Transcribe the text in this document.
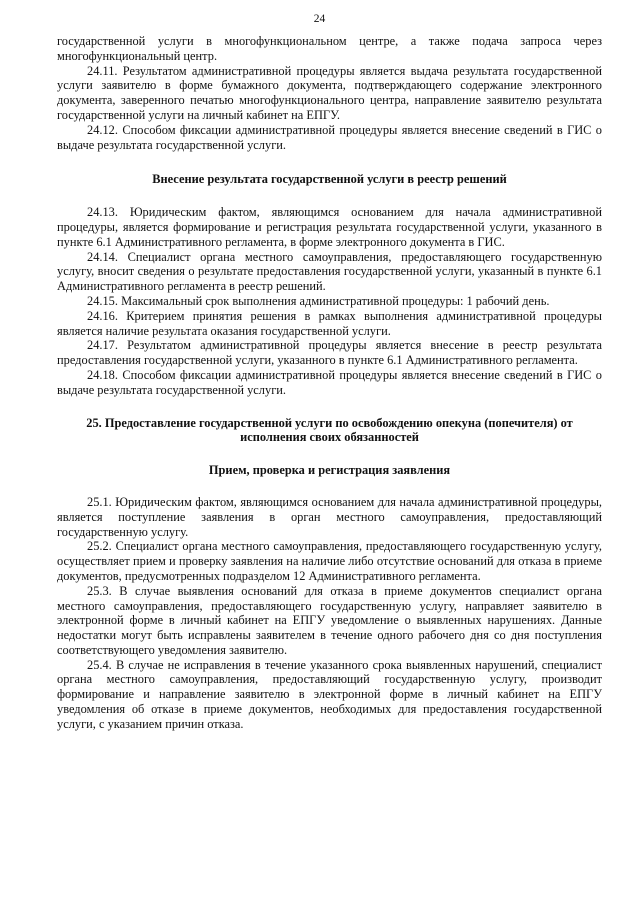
24

государственной услуги в многофункциональном центре, а также подача запроса через многофункциональный центр.

24.11. Результатом административной процедуры является выдача результата государственной услуги заявителю в форме бумажного документа, подтверждающего содержание электронного документа, заверенного печатью многофункционального центра, направление заявителю результата государственной услуги на личный кабинет на ЕПГУ.

24.12. Способом фиксации административной процедуры является внесение сведений в ГИС о выдаче результата государственной услуги.

Внесение результата государственной услуги в реестр решений

24.13. Юридическим фактом, являющимся основанием для начала административной процедуры, является формирование и регистрация результата государственной услуги, указанного в пункте 6.1 Административного регламента, в форме электронного документа в ГИС.

24.14. Специалист органа местного самоуправления, предоставляющего государственную услугу, вносит сведения о результате предоставления государственной услуги, указанный в пункте 6.1 Административного регламента в реестр решений.

24.15. Максимальный срок выполнения административной процедуры: 1 рабочий день.

24.16. Критерием принятия решения в рамках выполнения административной процедуры является наличие результата оказания государственной услуги.

24.17. Результатом административной процедуры является внесение в реестр результата предоставления государственной услуги, указанного в пункте 6.1 Административного регламента.

24.18. Способом фиксации административной процедуры является внесение сведений в ГИС о выдаче результата государственной услуги.

25. Предоставление государственной услуги по освобождению опекуна (попечителя) от исполнения своих обязанностей

Прием, проверка и регистрация заявления

25.1. Юридическим фактом, являющимся основанием для начала административной процедуры, является поступление заявления в орган местного самоуправления, предоставляющий государственную услугу.

25.2. Специалист органа местного самоуправления, предоставляющего государственную услугу, осуществляет прием и проверку заявления на наличие либо отсутствие оснований для отказа в приеме документов, предусмотренных подразделом 12 Административного регламента.

25.3. В случае выявления оснований для отказа в приеме документов специалист органа местного самоуправления, предоставляющего государственную услугу, направляет заявителю в электронной форме в личный кабинет на ЕПГУ уведомление о выявленных нарушениях. Данные недостатки могут быть исправлены заявителем в течение одного рабочего дня со дня поступления соответствующего уведомления заявителю.

25.4. В случае не исправления в течение указанного срока выявленных нарушений, специалист органа местного самоуправления, предоставляющий государственную услугу, производит формирование и направление заявителю в электронной форме в личный кабинет на ЕПГУ уведомления об отказе в приеме документов, необходимых для предоставления государственной услуги, с указанием причин отказа.
